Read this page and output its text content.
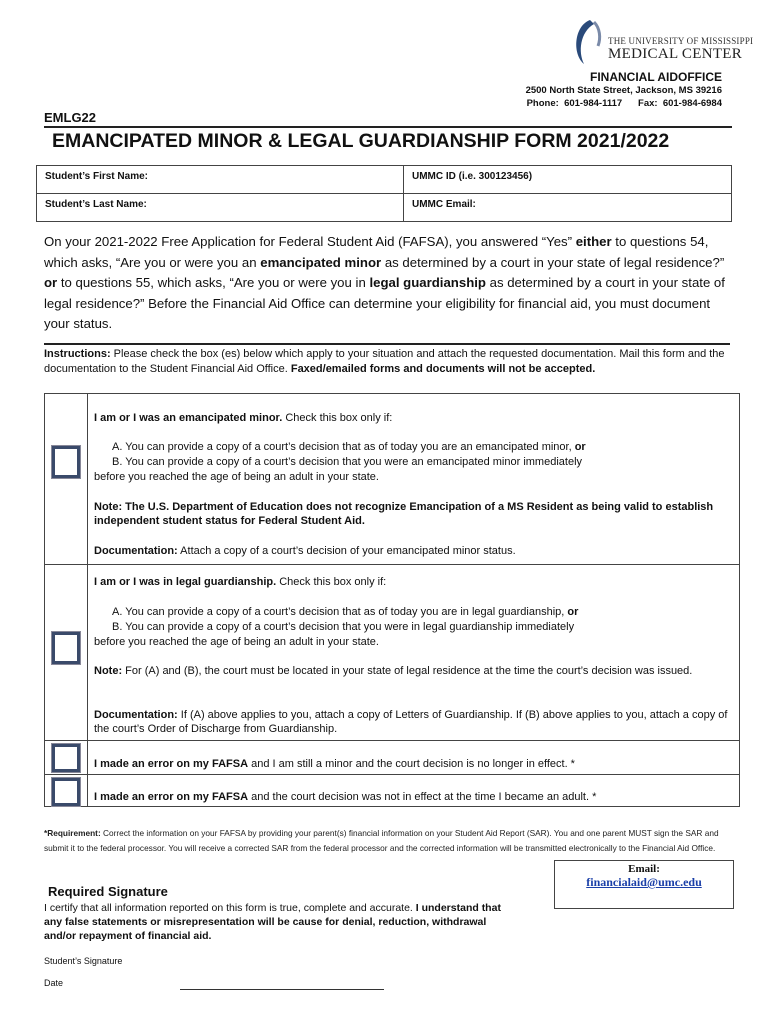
THE UNIVERSITY OF MISSISSIPPI
MEDICAL CENTER
FINANCIAL AIDOFFICE
2500 North State Street, Jackson, MS 39216
Phone:  601-984-1117      Fax:  601-984-6984
EMLG22
EMANCIPATED MINOR & LEGAL GUARDIANSHIP FORM 2021/2022
Student’s First Name:	UMMC ID (i.e. 300123456)
Student’s Last Name:	UMMC Email:
On your 2021-2022 Free Application for Federal Student Aid (FAFSA), you answered “Yes” either to questions 54, which asks, “Are you or were you an emancipated minor as determined by a court in your state of legal residence?” or to questions 55, which asks, “Are you or were you in legal guardianship as determined by a court in your state of legal residence?” Before the Financial Aid Office can determine your eligibility for financial aid, you must document your status.
Instructions: Please check the box (es) below which apply to your situation and attach the requested documentation. Mail this form and the documentation to the Student Financial Aid Office. Faxed/emailed forms and documents will not be accepted.
I am or I was an emancipated minor. Check this box only if:
A. You can provide a copy of a court’s decision that as of today you are an emancipated minor, or
B. You can provide a copy of a court’s decision that you were an emancipated minor immediately
before you reached the age of being an adult in your state.
Note: The U.S. Department of Education does not recognize Emancipation of a MS Resident as being valid to establish independent student status for Federal Student Aid.
Documentation: Attach a copy of a court’s decision of your emancipated minor status.
I am or I was in legal guardianship. Check this box only if:
A. You can provide a copy of a court’s decision that as of today you are in legal guardianship, or
B. You can provide a copy of a court’s decision that you were in legal guardianship immediately
before you reached the age of being an adult in your state.
Note: For (A) and (B), the court must be located in your state of legal residence at the time the court’s decision was issued.
Documentation: If (A) above applies to you, attach a copy of Letters of Guardianship. If (B) above applies to you, attach a copy of the court’s Order of Discharge from Guardianship.
I made an error on my FAFSA and I am still a minor and the court decision is no longer in effect. *
I made an error on my FAFSA and the court decision was not in effect at the time I became an adult. *
*Requirement: Correct the information on your FAFSA by providing your parent(s) financial information on your Student Aid Report (SAR). You and one parent MUST sign the SAR and submit it to the federal processor. You will receive a corrected SAR from the federal processor and the corrected information will be transmitted electronically to the Financial Aid Office.
Email:
financialaid@umc.edu
Required Signature
I certify that all information reported on this form is true, complete and accurate. I understand that any false statements or misrepresentation will be cause for denial, reduction, withdrawal and/or repayment of financial aid.
Student’s Signature
Date
